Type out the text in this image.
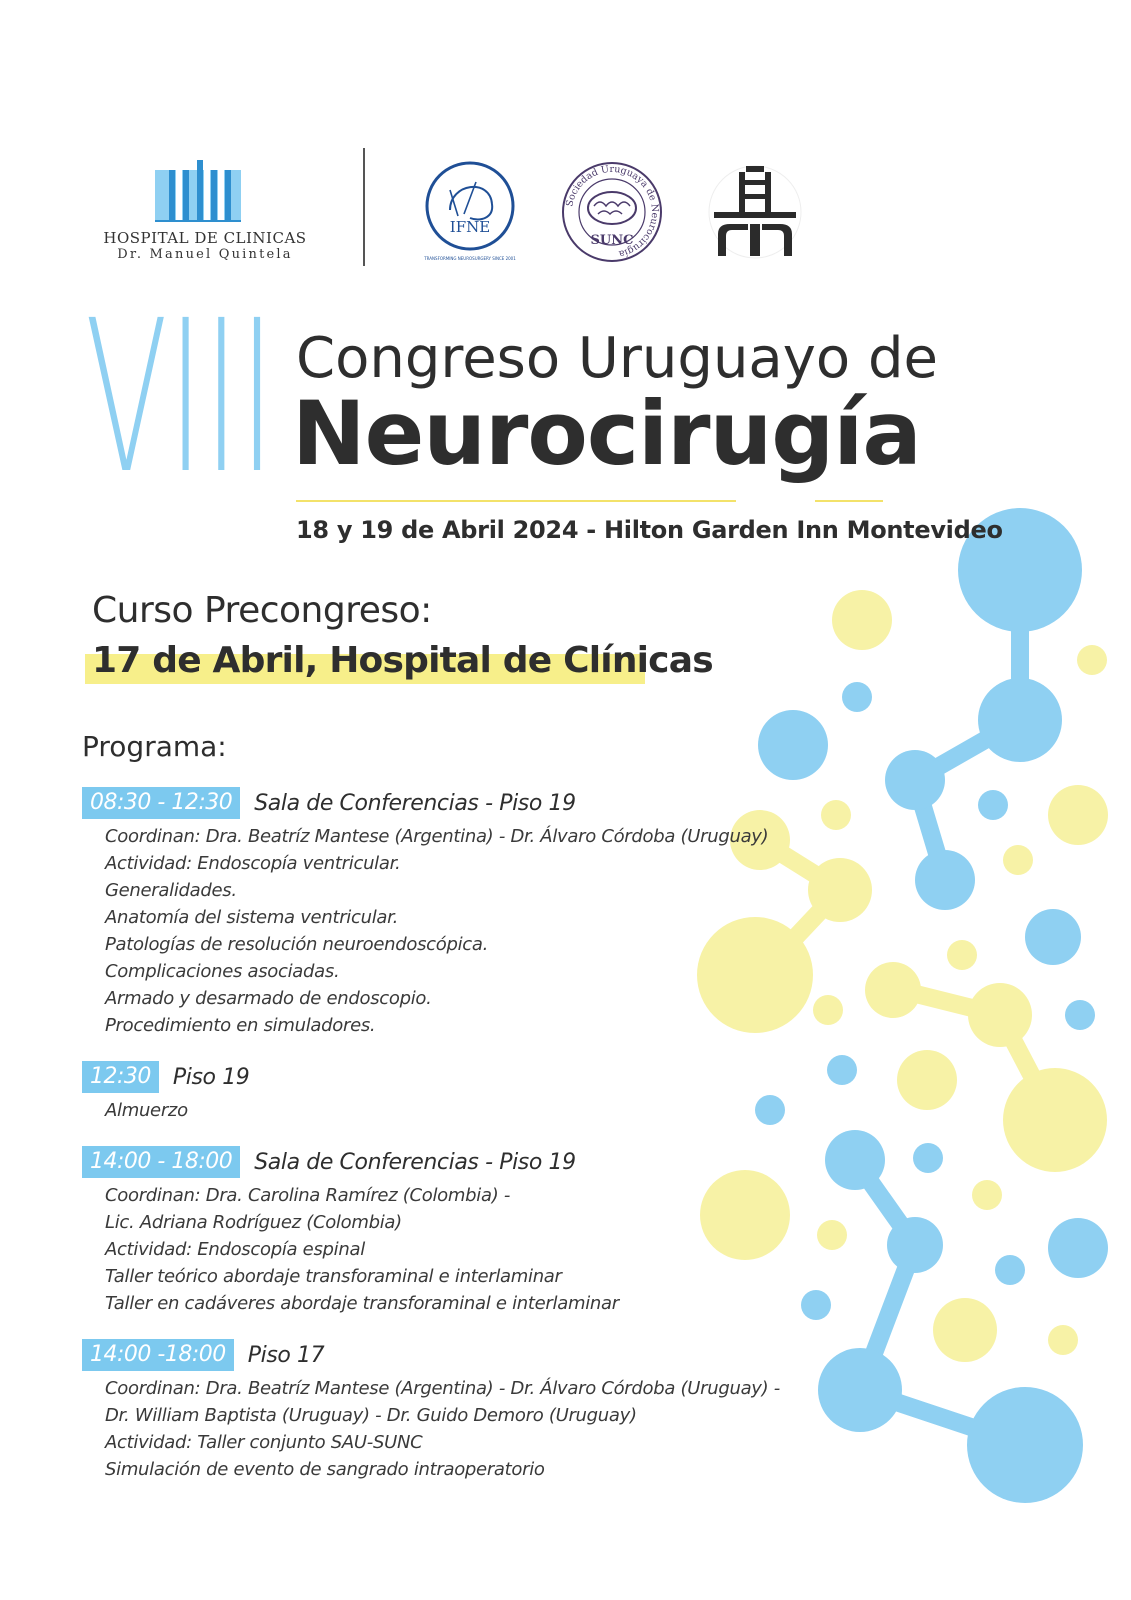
HOSPITAL DE CLINICAS
Dr. Manuel Quintela
IFNE
TRANSFORMING NEUROSURGERY SINCE 2001
Sociedad Uruguaya de Neurocirugía
SUNC
VIII Congreso Uruguayo de
Neurocirugía
18 y 19 de Abril 2024 - Hilton Garden Inn Montevideo
Curso Precongreso:
17 de Abril, Hospital de Clínicas
Programa:
08:30 - 12:30	Sala de Conferencias - Piso 19
Coordinan: Dra. Beatríz Mantese (Argentina) - Dr. Álvaro Córdoba (Uruguay)
Actividad: Endoscopía ventricular.
Generalidades.
Anatomía del sistema ventricular.
Patologías de resolución neuroendoscópica.
Complicaciones asociadas.
Armado y desarmado de endoscopio.
Procedimiento en simuladores.
12:30	Piso 19
Almuerzo
14:00 - 18:00	Sala de Conferencias - Piso 19
Coordinan: Dra. Carolina Ramírez (Colombia) -
Lic. Adriana Rodríguez (Colombia)
Actividad: Endoscopía espinal
Taller teórico abordaje transforaminal e interlaminar
Taller en cadáveres abordaje transforaminal e interlaminar
14:00 -18:00	Piso 17
Coordinan: Dra. Beatríz Mantese (Argentina) - Dr. Álvaro Córdoba (Uruguay) -
Dr. William Baptista (Uruguay) - Dr. Guido Demoro (Uruguay)
Actividad: Taller conjunto SAU-SUNC
Simulación de evento de sangrado intraoperatorio
